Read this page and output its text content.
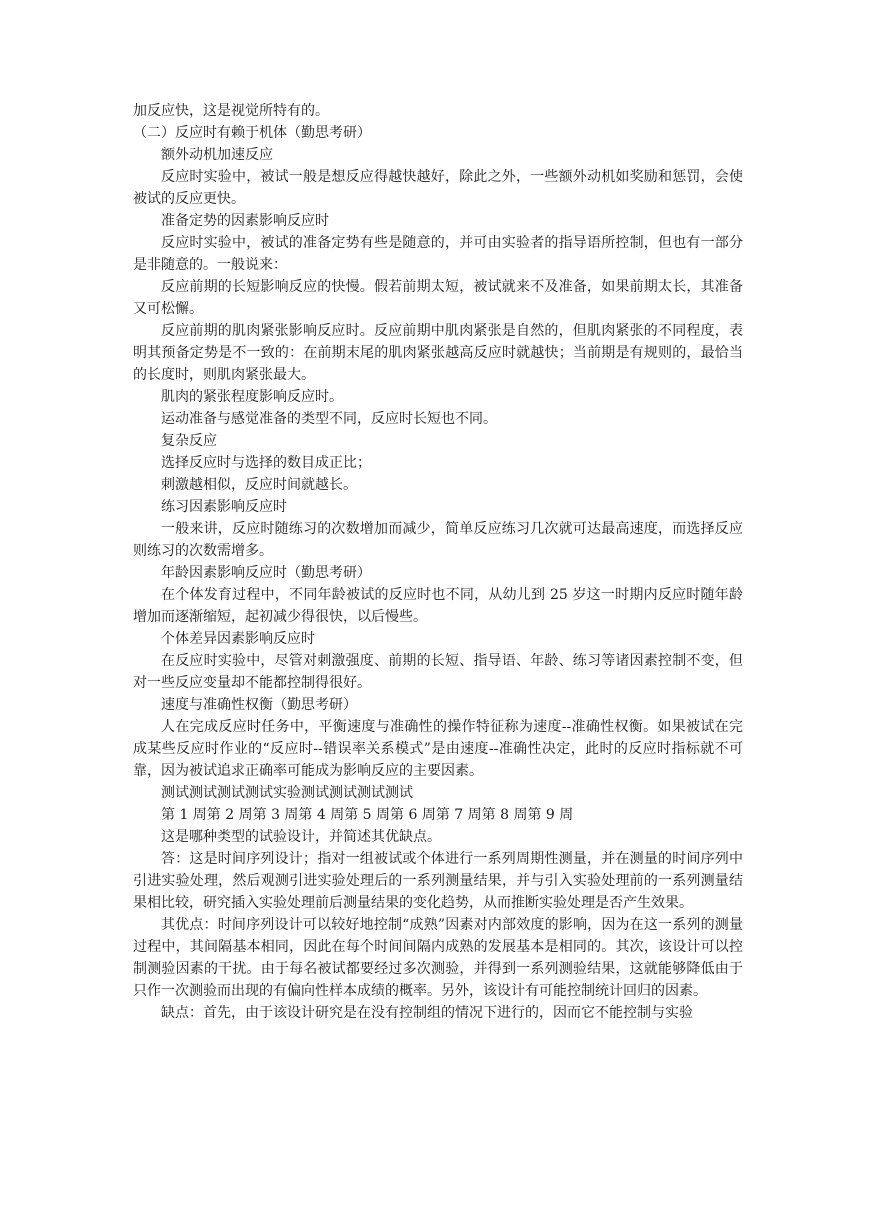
加反应快，这是视觉所特有的。

（二）反应时有赖于机体（勤思考研）

额外动机加速反应

反应时实验中，被试一般是想反应得越快越好，除此之外，一些额外动机如奖励和惩罚，会使被试的反应更快。

准备定势的因素影响反应时

反应时实验中，被试的准备定势有些是随意的，并可由实验者的指导语所控制，但也有一部分是非随意的。一般说来：

反应前期的长短影响反应的快慢。假若前期太短，被试就来不及准备，如果前期太长，其准备又可松懈。

反应前期的肌肉紧张影响反应时。反应前期中肌肉紧张是自然的，但肌肉紧张的不同程度，表明其预备定势是不一致的：在前期末尾的肌肉紧张越高反应时就越快；当前期是有规则的，最恰当的长度时，则肌肉紧张最大。

肌肉的紧张程度影响反应时。

运动准备与感觉准备的类型不同，反应时长短也不同。

复杂反应

选择反应时与选择的数目成正比；

刺激越相似，反应时间就越长。

练习因素影响反应时

一般来讲，反应时随练习的次数增加而减少，简单反应练习几次就可达最高速度，而选择反应则练习的次数需增多。

年龄因素影响反应时（勤思考研）

在个体发育过程中，不同年龄被试的反应时也不同，从幼儿到 25 岁这一时期内反应时随年龄增加而逐渐缩短，起初减少得很快，以后慢些。

个体差异因素影响反应时

在反应时实验中，尽管对刺激强度、前期的长短、指导语、年龄、练习等诸因素控制不变，但对一些反应变量却不能都控制得很好。

速度与准确性权衡（勤思考研）

人在完成反应时任务中，平衡速度与准确性的操作特征称为速度--准确性权衡。如果被试在完成某些反应时作业的“反应时--错误率关系模式”是由速度--准确性决定，此时的反应时指标就不可靠，因为被试追求正确率可能成为影响反应的主要因素。

测试测试测试测试实验测试测试测试测试

第 1 周第 2 周第 3 周第 4 周第 5 周第 6 周第 7 周第 8 周第 9 周

这是哪种类型的试验设计，并简述其优缺点。

答：这是时间序列设计；指对一组被试或个体进行一系列周期性测量，并在测量的时间序列中引进实验处理，然后观测引进实验处理后的一系列测量结果，并与引入实验处理前的一系列测量结果相比较，研究插入实验处理前后测量结果的变化趋势，从而推断实验处理是否产生效果。

其优点：时间序列设计可以较好地控制“成熟”因素对内部效度的影响，因为在这一系列的测量过程中，其间隔基本相同，因此在每个时间间隔内成熟的发展基本是相同的。其次，该设计可以控制测验因素的干扰。由于每名被试都要经过多次测验，并得到一系列测验结果，这就能够降低由于只作一次测验而出现的有偏向性样本成绩的概率。另外，该设计有可能控制统计回归的因素。

缺点：首先，由于该设计研究是在没有控制组的情况下进行的，因而它不能控制与实验
